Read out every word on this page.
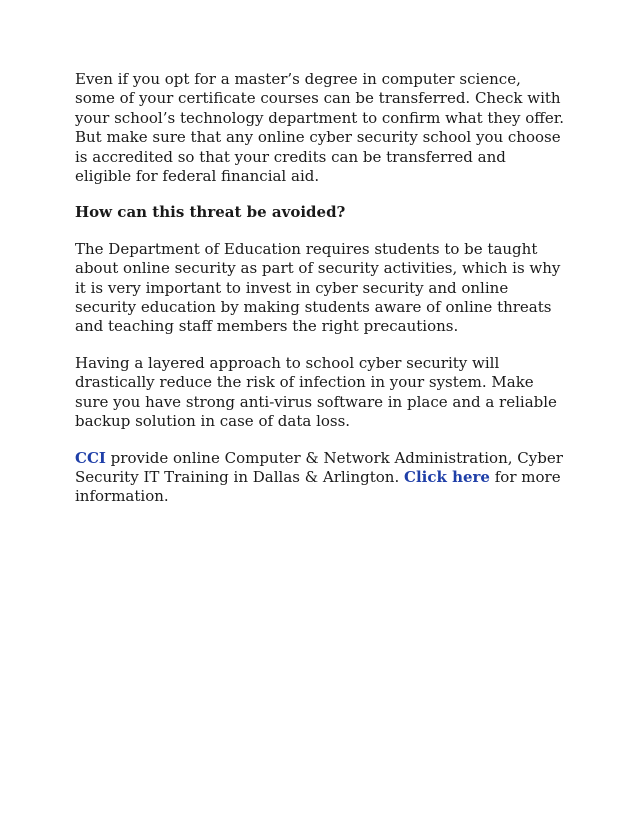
Even if you opt for a master’s degree in computer science, some of your certificate courses can be transferred. Check with your school’s technology department to confirm what they offer. But make sure that any online cyber security school you choose is accredited so that your credits can be transferred and eligible for federal financial aid.

How can this threat be avoided?

The Department of Education requires students to be taught about online security as part of security activities, which is why it is very important to invest in cyber security and online security education by making students aware of online threats and teaching staff members the right precautions.

Having a layered approach to school cyber security will drastically reduce the risk of infection in your system. Make sure you have strong anti-virus software in place and a reliable backup solution in case of data loss.

CCI provide online Computer & Network Administration, Cyber Security IT Training in Dallas & Arlington. Click here for more information.
